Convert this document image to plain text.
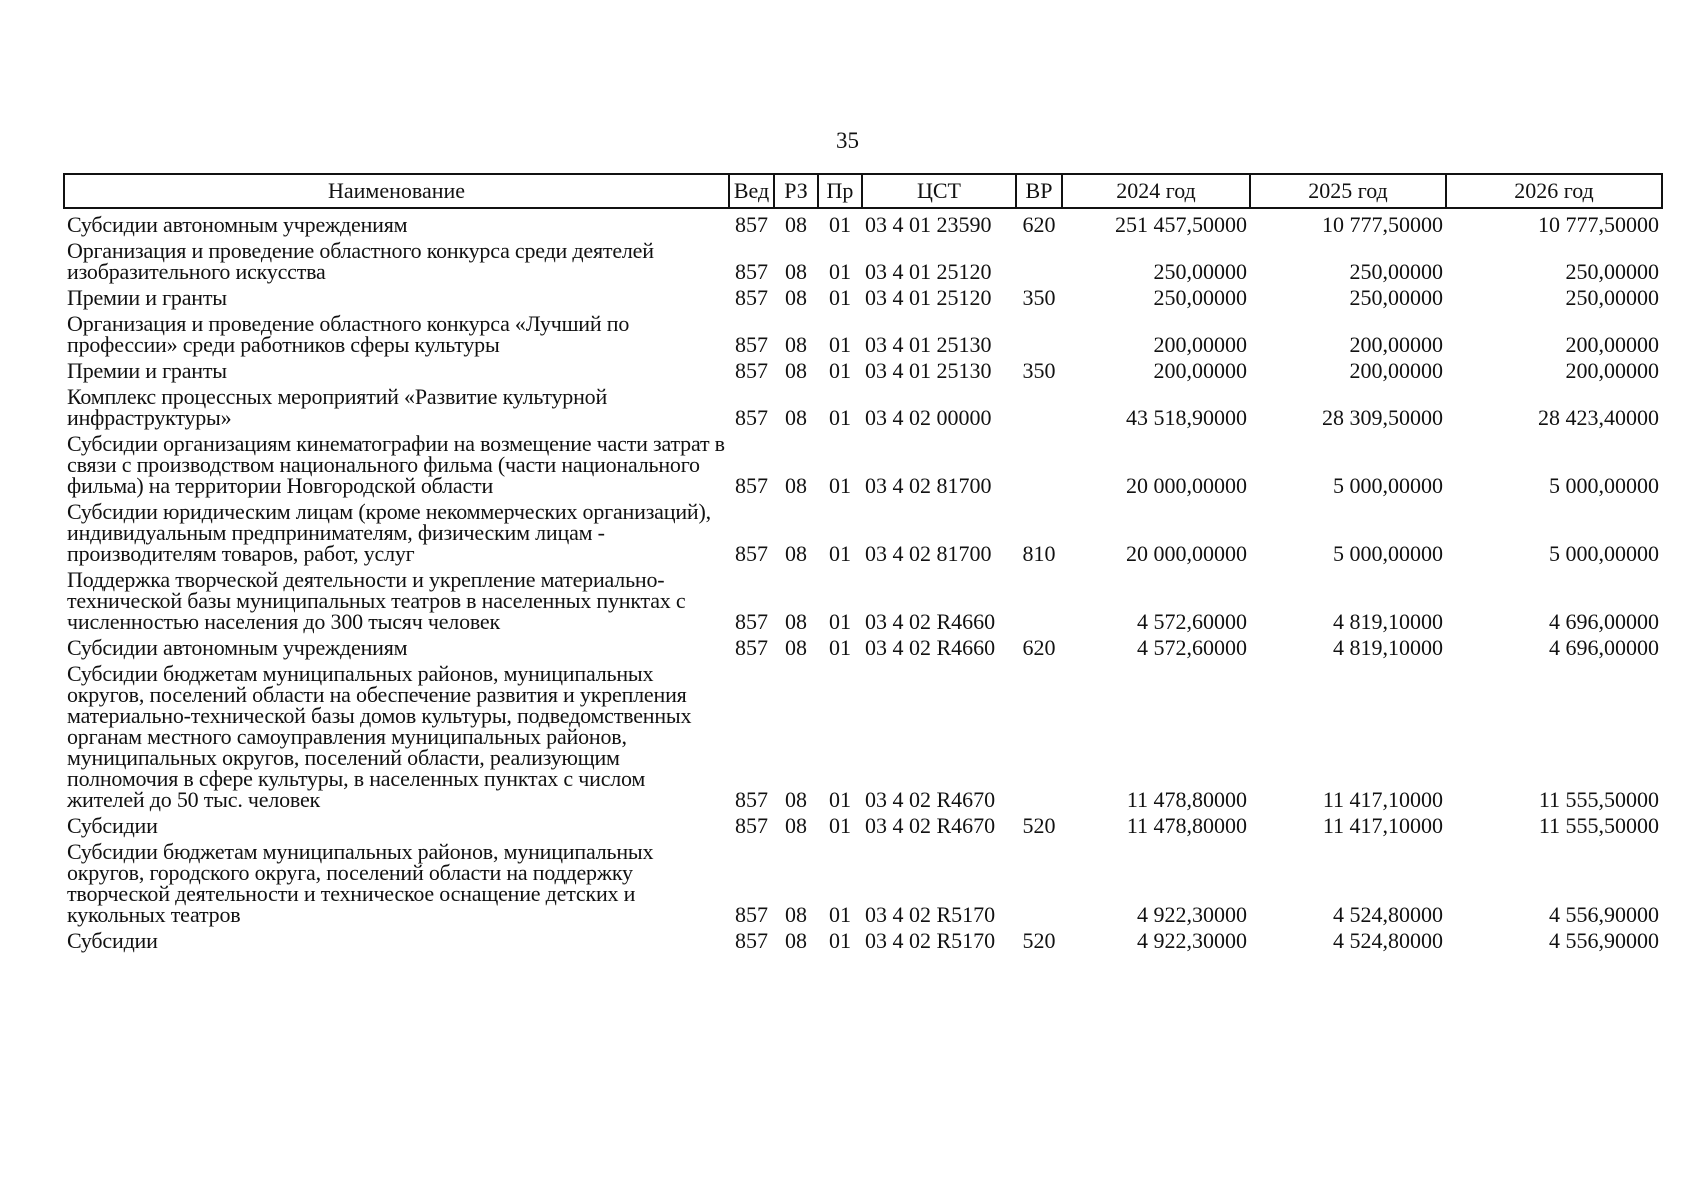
35
Наименование	Вед	РЗ	Пр	ЦСТ	ВР	2024 год	2025 год	2026 год
Субсидии автономным учреждениям	857	08	01	03 4 01 23590	620	251 457,50000	10 777,50000	10 777,50000
Организация и проведение областного конкурса среди деятелей изобразительного искусства	857	08	01	03 4 01 25120		250,00000	250,00000	250,00000
Премии и гранты	857	08	01	03 4 01 25120	350	250,00000	250,00000	250,00000
Организация и проведение областного конкурса «Лучший по профессии» среди работников сферы культуры	857	08	01	03 4 01 25130		200,00000	200,00000	200,00000
Премии и гранты	857	08	01	03 4 01 25130	350	200,00000	200,00000	200,00000
Комплекс процессных мероприятий «Развитие культурной инфраструктуры»	857	08	01	03 4 02 00000		43 518,90000	28 309,50000	28 423,40000
Субсидии организациям кинематографии на возмещение части затрат в связи с производством национального фильма (части национального фильма) на территории Новгородской области	857	08	01	03 4 02 81700		20 000,00000	5 000,00000	5 000,00000
Субсидии юридическим лицам (кроме некоммерческих организаций), индивидуальным предпринимателям, физическим лицам - производителям товаров, работ, услуг	857	08	01	03 4 02 81700	810	20 000,00000	5 000,00000	5 000,00000
Поддержка творческой деятельности и укрепление материально-технической базы муниципальных театров в населенных пунктах с численностью населения до 300 тысяч человек	857	08	01	03 4 02 R4660		4 572,60000	4 819,10000	4 696,00000
Субсидии автономным учреждениям	857	08	01	03 4 02 R4660	620	4 572,60000	4 819,10000	4 696,00000
Субсидии бюджетам муниципальных районов, муниципальных округов, поселений области на обеспечение развития и укрепления материально-технической базы домов культуры, подведомственных органам местного самоуправления муниципальных районов, муниципальных округов, поселений области, реализующим полномочия в сфере культуры, в населенных пунктах с числом жителей до 50 тыс. человек	857	08	01	03 4 02 R4670		11 478,80000	11 417,10000	11 555,50000
Субсидии	857	08	01	03 4 02 R4670	520	11 478,80000	11 417,10000	11 555,50000
Субсидии бюджетам муниципальных районов, муниципальных округов, городского округа, поселений области на поддержку творческой деятельности и техническое оснащение детских и кукольных театров	857	08	01	03 4 02 R5170		4 922,30000	4 524,80000	4 556,90000
Субсидии	857	08	01	03 4 02 R5170	520	4 922,30000	4 524,80000	4 556,90000
